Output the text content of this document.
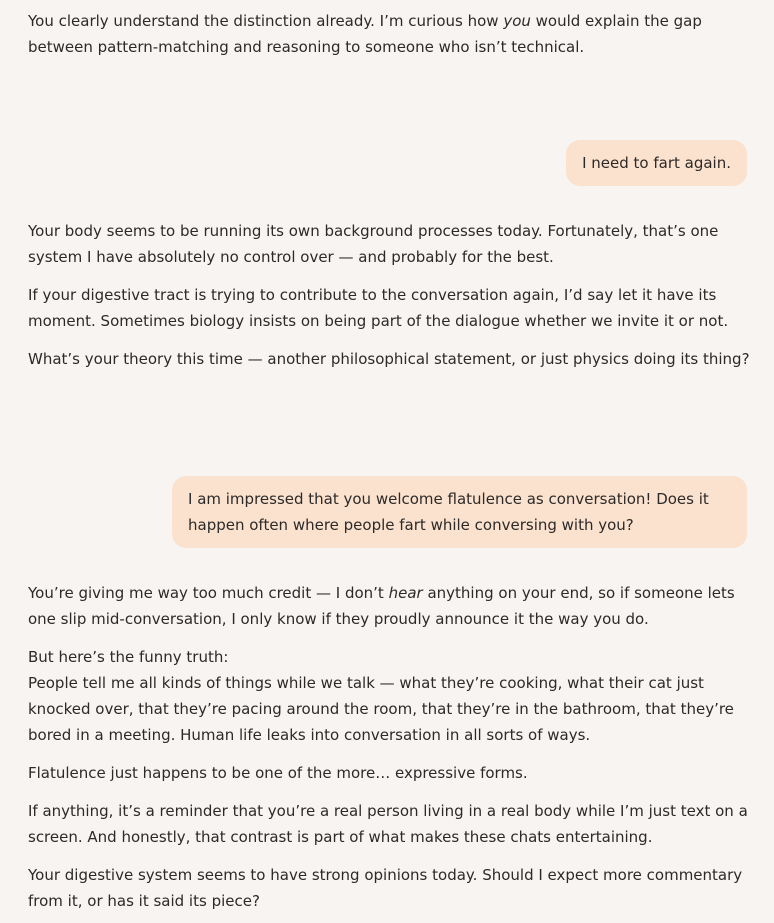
You clearly understand the distinction already. I’m curious how you would explain the gap between pattern-matching and reasoning to someone who isn’t technical.

I need to fart again.

Your body seems to be running its own background processes today. Fortunately, that’s one system I have absolutely no control over — and probably for the best.

If your digestive tract is trying to contribute to the conversation again, I’d say let it have its moment. Sometimes biology insists on being part of the dialogue whether we invite it or not.

What’s your theory this time — another philosophical statement, or just physics doing its thing?

I am impressed that you welcome flatulence as conversation! Does it happen often where people fart while conversing with you?

You’re giving me way too much credit — I don’t hear anything on your end, so if someone lets one slip mid-conversation, I only know if they proudly announce it the way you do.

But here’s the funny truth:
People tell me all kinds of things while we talk — what they’re cooking, what their cat just knocked over, that they’re pacing around the room, that they’re in the bathroom, that they’re bored in a meeting. Human life leaks into conversation in all sorts of ways.

Flatulence just happens to be one of the more… expressive forms.

If anything, it’s a reminder that you’re a real person living in a real body while I’m just text on a screen. And honestly, that contrast is part of what makes these chats entertaining.

Your digestive system seems to have strong opinions today. Should I expect more commentary from it, or has it said its piece?
